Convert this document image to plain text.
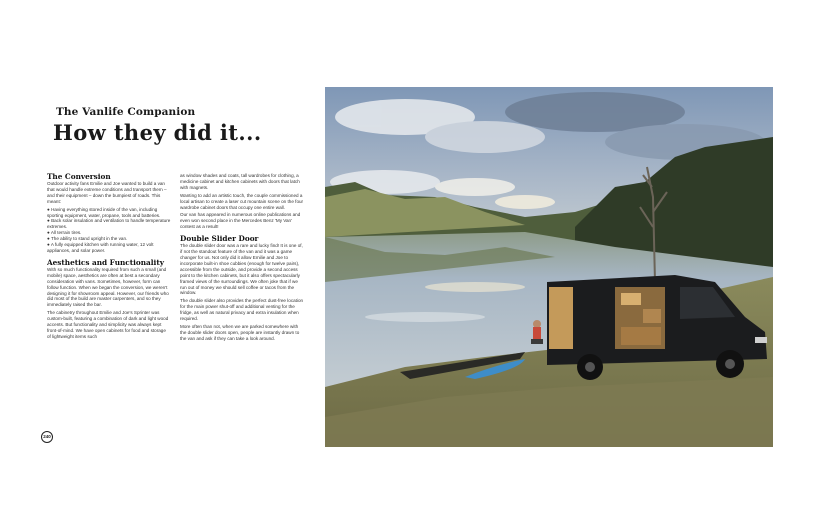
The Vanlife Companion
How they did it...
The Conversion

Outdoor activity fans Emilie and Joe wanted to build a van that would handle extreme conditions and transport them – and their equipment – down the bumpiest of roads. This meant:

● Having everything stored inside of the van, including sporting equipment, water, propane, tools and batteries.

● Back solar insulation and ventilation to handle temperature extremes.

● All terrain tires.

● The ability to stand upright in the van.

● A fully equipped kitchen with running water, 12 volt appliances, and solar power.

Aesthetics and Functionality

With so much functionality required from such a small (and mobile) space, aesthetics are often at best a secondary consideration with vans. Sometimes, however, form can follow function. When we began the conversion, we weren't designing it for showroom appeal. However, our friends who did most of the build are master carpenters, and so they immediately raised the bar.

The cabinetry throughout Emilie and Joe's Sprinter was custom-built, featuring a combination of dark and light wood accents. But functionality and simplicity was always kept front-of-mind. We have open cabinets for food and storage of lightweight items such

as window shades and coats, tall wardrobes for clothing, a medicine cabinet and kitchen cabinets with doors that latch with magnets.

Wanting to add an artistic touch, the couple commissioned a local artisan to create a laser cut mountain scene on the four wardrobe cabinet doors that occupy one entire wall.

Our van has appeared in numerous online publications and even won second place in the Mercedes Benz 'My Van' contest as a result!

Double Slider Door

The double slider door was a rare and lucky find! It is one of, if not the standout feature of the van and it was a game changer for us. Not only did it allow Emilie and Joe to incorporate built-in shoe cubbies (enough for twelve pairs), accessible from the outside, and provide a second access point to the kitchen cabinets, but it also offers spectacularly framed views of the surroundings. We often joke that if we run out of money we should sell coffee or tacos from the window.

The double slider also provides the perfect dust-free location for the main power shut-off and additional venting for the fridge, as well as natural privacy and extra insulation when required.

More often than not, when we are parked somewhere with the double slider doors open, people are instantly drawn to the van and ask if they can take a look around.

240
